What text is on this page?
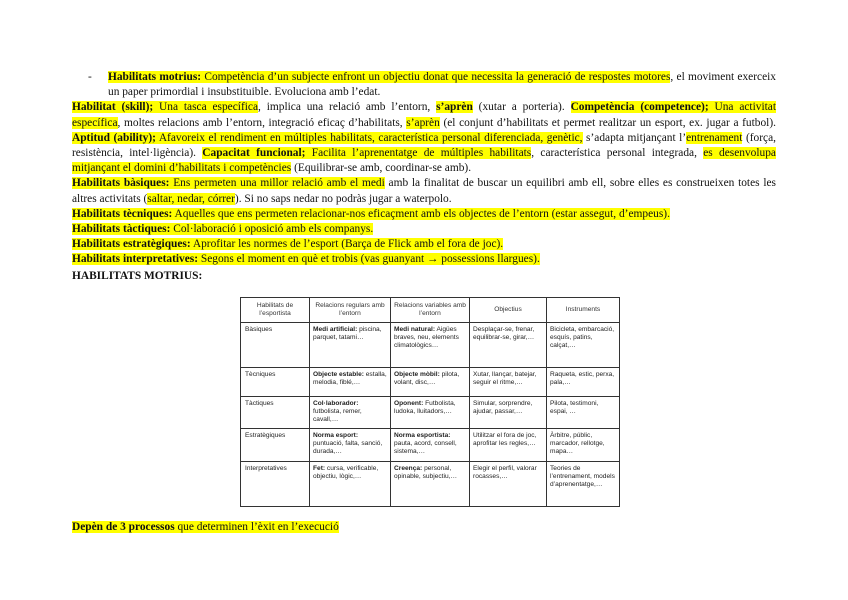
- Habilitats motrius: Competència d’un subjecte enfront un objectiu donat que necessita la generació de respostes motores, el moviment exerceix un paper primordial i insubstituible. Evoluciona amb l’edat.

Habilitat (skill); Una tasca específica, implica una relació amb l’entorn, s’aprèn (xutar a porteria). Competència (competence); Una activitat específica, moltes relacions amb l’entorn, integració eficaç d’habilitats, s’aprèn (el conjunt d’habilitats et permet realitzar un esport, ex. jugar a futbol). Aptitud (ability); Afavoreix el rendiment en múltiples habilitats, característica personal diferenciada, genètic, s’adapta mitjançant l’entrenament (força, resistència, intel·ligència). Capacitat funcional; Facilita l’aprenentatge de múltiples habilitats, característica personal integrada, es desenvolupa mitjançant el domini d’habilitats i competències (Equilibrar-se amb, coordinar-se amb).

Habilitats bàsiques: Ens permeten una millor relació amb el medi amb la finalitat de buscar un equilibri amb ell, sobre elles es construeixen totes les altres activitats (saltar, nedar, córrer). Si no saps nedar no podràs jugar a waterpolo.

Habilitats tècniques: Aquelles que ens permeten relacionar-nos eficaçment amb els objectes de l’entorn (estar assegut, d’empeus).

Habilitats tàctiques: Col·laboració i oposició amb els companys.

Habilitats estratègiques: Aprofitar les normes de l’esport (Barça de Flick amb el fora de joc).

Habilitats interpretatives: Segons el moment en què et trobis (vas guanyant → possessions llargues).

HABILITATS MOTRIUS:

Habilitats de l’esportista	Relacions regulars amb l’entorn	Relacions variables amb l’entorn	Objectius	Instruments
Bàsiques	Medi artificial: piscina, parquet, tatami…	Medi natural: Aigües braves, neu, elements climatològics…	Desplaçar-se, frenar, equilibrar-se, girar,…	Bicicleta, embarcació, esquís, patins, calçat,…
Tècniques	Objecte estable: estalla, melodia, fiblé,…	Objecte mòbil: pilota, volant, disc,…	Xutar, llançar, batejar, seguir el ritme,…	Raqueta, estic, perxa, pala,…
Tàctiques	Col·laborador: futbolista, remer, cavall,…	Oponent: Futbolista, ludoka, lluitadors,…	Simular, sorprendre, ajudar, passar,…	Pilota, testimoni, espai, …
Estratègiques	Norma esport: puntuació, falta, sanció, durada,…	Norma esportista: pauta, acord, consell, sistema,…	Utilitzar el fora de joc, aprofitar les regles,…	Àrbitre, públic, marcador, rellotge, mapa…
Interpretatives	Fet: cursa, verificable, objectiu, lògic,…	Creença: personal, opinable, subjectiu,…	Elegir el perfil, valorar rocasses,…	Teories de l’entrenament, models d’aprenentatge,…

Depèn de 3 processos que determinen l’èxit en l’execució
